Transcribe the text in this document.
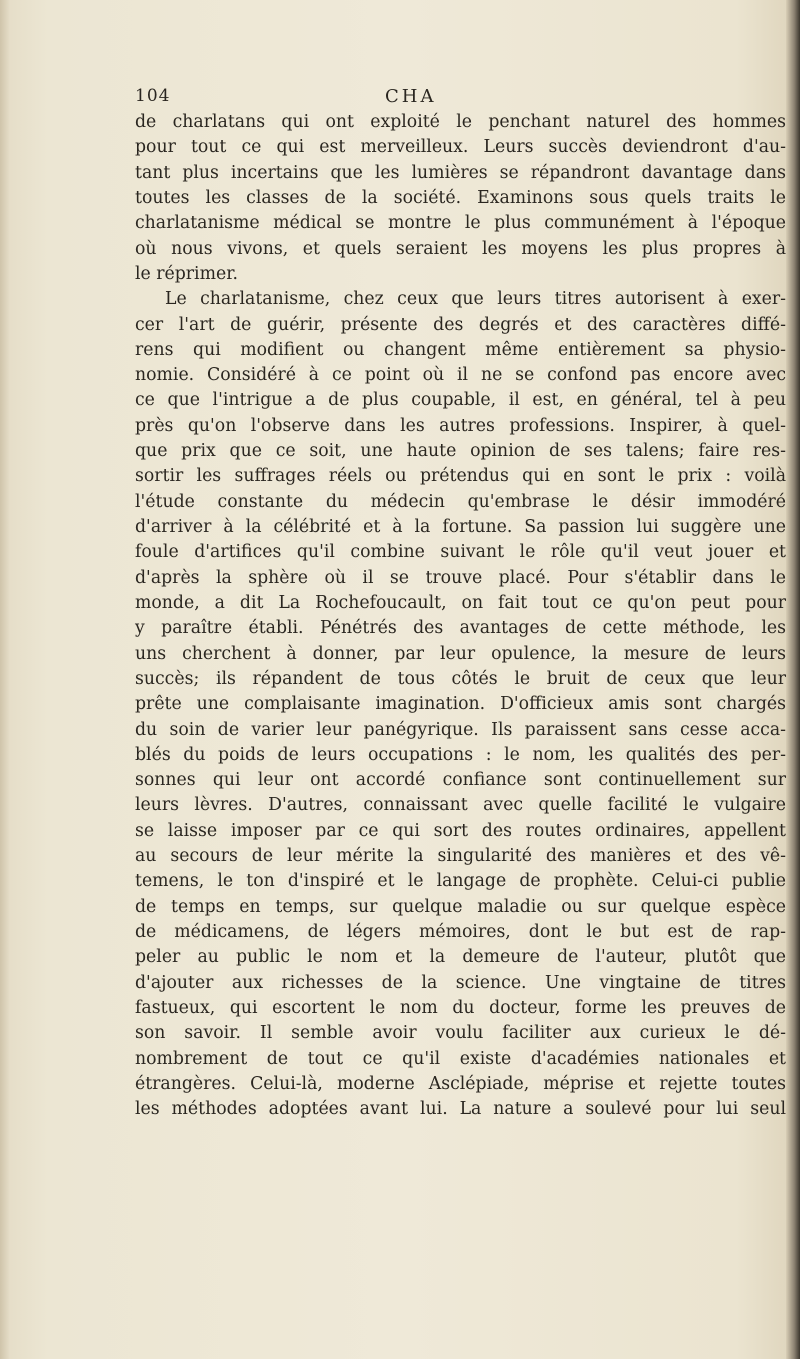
104	CHA
de charlatans qui ont exploité le penchant naturel des hommes
pour tout ce qui est merveilleux. Leurs succès deviendront d'au-
tant plus incertains que les lumières se répandront davantage dans
toutes les classes de la société. Examinons sous quels traits le
charlatanisme médical se montre le plus communément à l'époque
où nous vivons, et quels seraient les moyens les plus propres à
le réprimer.
Le charlatanisme, chez ceux que leurs titres autorisent à exer-
cer l'art de guérir, présente des degrés et des caractères diffé-
rens qui modifient ou changent même entièrement sa physio-
nomie. Considéré à ce point où il ne se confond pas encore avec
ce que l'intrigue a de plus coupable, il est, en général, tel à peu
près qu'on l'observe dans les autres professions. Inspirer, à quel-
que prix que ce soit, une haute opinion de ses talens; faire res-
sortir les suffrages réels ou prétendus qui en sont le prix : voilà
l'étude constante du médecin qu'embrase le désir immodéré
d'arriver à la célébrité et à la fortune. Sa passion lui suggère une
foule d'artifices qu'il combine suivant le rôle qu'il veut jouer et
d'après la sphère où il se trouve placé. Pour s'établir dans le
monde, a dit La Rochefoucault, on fait tout ce qu'on peut pour
y paraître établi. Pénétrés des avantages de cette méthode, les
uns cherchent à donner, par leur opulence, la mesure de leurs
succès; ils répandent de tous côtés le bruit de ceux que leur
prête une complaisante imagination. D'officieux amis sont chargés
du soin de varier leur panégyrique. Ils paraissent sans cesse acca-
blés du poids de leurs occupations : le nom, les qualités des per-
sonnes qui leur ont accordé confiance sont continuellement sur
leurs lèvres. D'autres, connaissant avec quelle facilité le vulgaire
se laisse imposer par ce qui sort des routes ordinaires, appellent
au secours de leur mérite la singularité des manières et des vê-
temens, le ton d'inspiré et le langage de prophète. Celui-ci publie
de temps en temps, sur quelque maladie ou sur quelque espèce
de médicamens, de légers mémoires, dont le but est de rap-
peler au public le nom et la demeure de l'auteur, plutôt que
d'ajouter aux richesses de la science. Une vingtaine de titres
fastueux, qui escortent le nom du docteur, forme les preuves de
son savoir. Il semble avoir voulu faciliter aux curieux le dé-
nombrement de tout ce qu'il existe d'académies nationales et
étrangères. Celui-là, moderne Asclépiade, méprise et rejette toutes
les méthodes adoptées avant lui. La nature a soulevé pour lui seul
